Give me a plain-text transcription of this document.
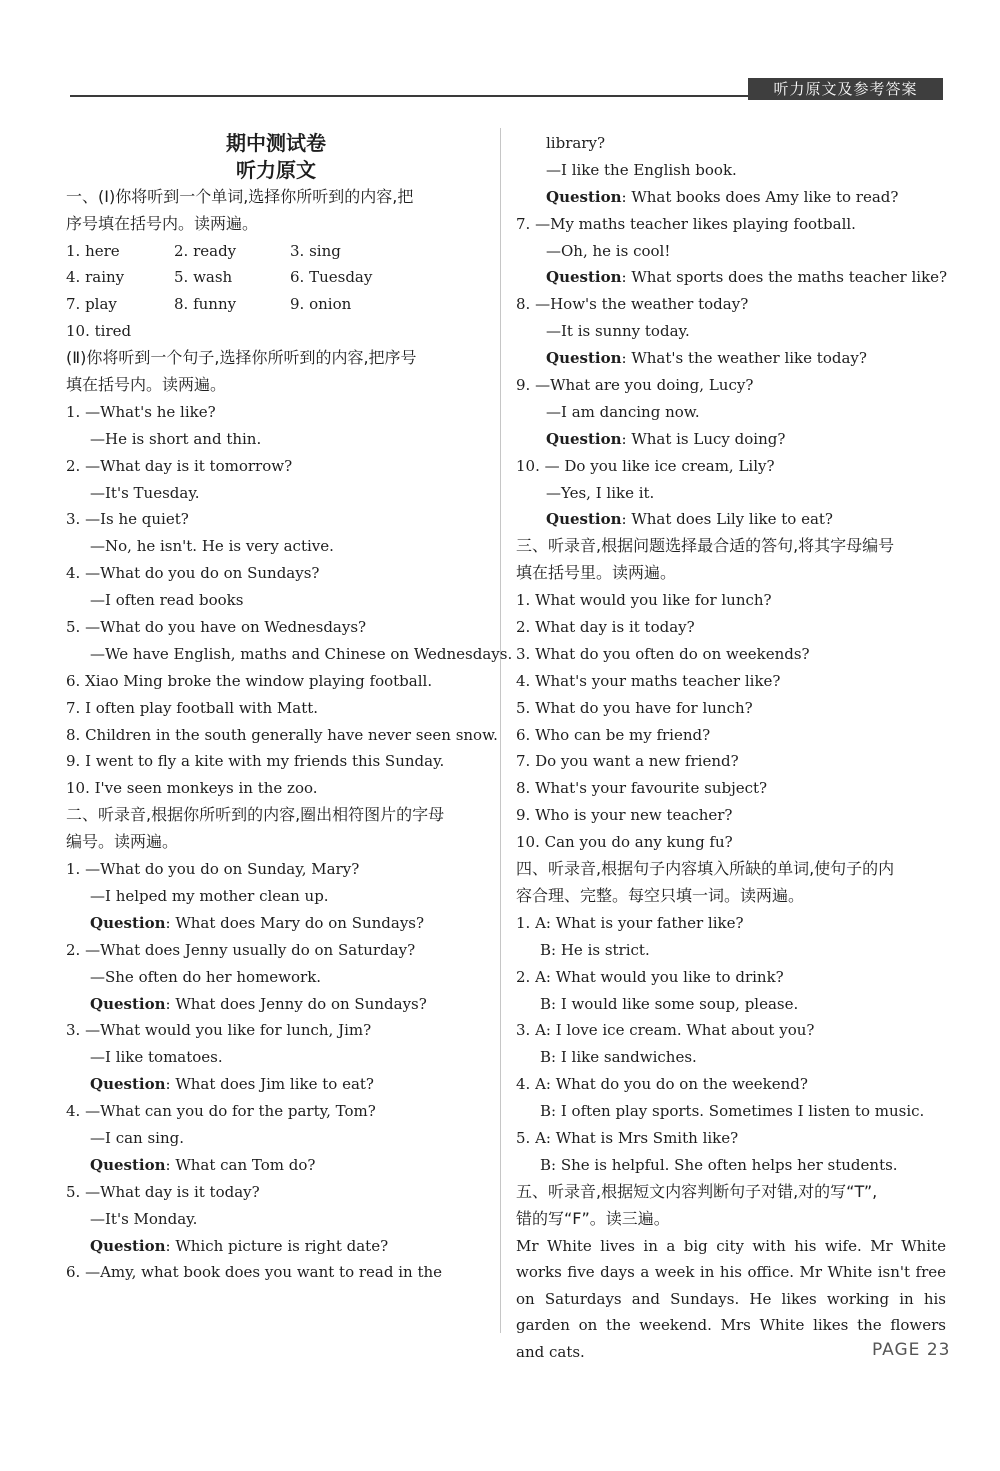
听力原文及参考答案
期中测试卷
听力原文
一、(Ⅰ)你将听到一个单词,选择你所听到的内容,把
序号填在括号内。读两遍。
1. here	2. ready	3. sing
4. rainy	5. wash	6. Tuesday
7. play	8. funny	9. onion
10. tired
(Ⅱ)你将听到一个句子,选择你所听到的内容,把序号
填在括号内。读两遍。
1. —What's he like?
—He is short and thin.
2. —What day is it tomorrow?
—It's Tuesday.
3. —Is he quiet?
—No, he isn't. He is very active.
4. —What do you do on Sundays?
—I often read books
5. —What do you have on Wednesdays?
—We have English, maths and Chinese on Wednesdays.
6. Xiao Ming broke the window playing football.
7. I often play football with Matt.
8. Children in the south generally have never seen snow.
9. I went to fly a kite with my friends this Sunday.
10. I've seen monkeys in the zoo.
二、听录音,根据你所听到的内容,圈出相符图片的字母
编号。读两遍。
1. —What do you do on Sunday, Mary?
—I helped my mother clean up.
Question: What does Mary do on Sundays?
2. —What does Jenny usually do on Saturday?
—She often do her homework.
Question: What does Jenny do on Sundays?
3. —What would you like for lunch, Jim?
—I like tomatoes.
Question: What does Jim like to eat?
4. —What can you do for the party, Tom?
—I can sing.
Question: What can Tom do?
5. —What day is it today?
—It's Monday.
Question: Which picture is right date?
6. —Amy, what book does you want to read in the
library?
—I like the English book.
Question: What books does Amy like to read?
7. —My maths teacher likes playing football.
—Oh, he is cool!
Question: What sports does the maths teacher like?
8. —How's the weather today?
—It is sunny today.
Question: What's the weather like today?
9. —What are you doing, Lucy?
—I am dancing now.
Question: What is Lucy doing?
10. — Do you like ice cream, Lily?
—Yes, I like it.
Question: What does Lily like to eat?
三、听录音,根据问题选择最合适的答句,将其字母编号
填在括号里。读两遍。
1. What would you like for lunch?
2. What day is it today?
3. What do you often do on weekends?
4. What's your maths teacher like?
5. What do you have for lunch?
6. Who can be my friend?
7. Do you want a new friend?
8. What's your favourite subject?
9. Who is your new teacher?
10. Can you do any kung fu?
四、听录音,根据句子内容填入所缺的单词,使句子的内
容合理、完整。每空只填一词。读两遍。
1. A: What is your father like?
B: He is strict.
2. A: What would you like to drink?
B: I would like some soup, please.
3. A: I love ice cream. What about you?
B: I like sandwiches.
4. A: What do you do on the weekend?
B: I often play sports. Sometimes I listen to music.
5. A: What is Mrs Smith like?
B: She is helpful. She often helps her students.
五、听录音,根据短文内容判断句子对错,对的写“T”,
错的写“F”。读三遍。
Mr White lives in a big city with his wife. Mr White works five days a week in his office. Mr White isn't free on Saturdays and Sundays. He likes working in his garden on the weekend. Mrs White likes the flowers and cats.	PAGE 23
